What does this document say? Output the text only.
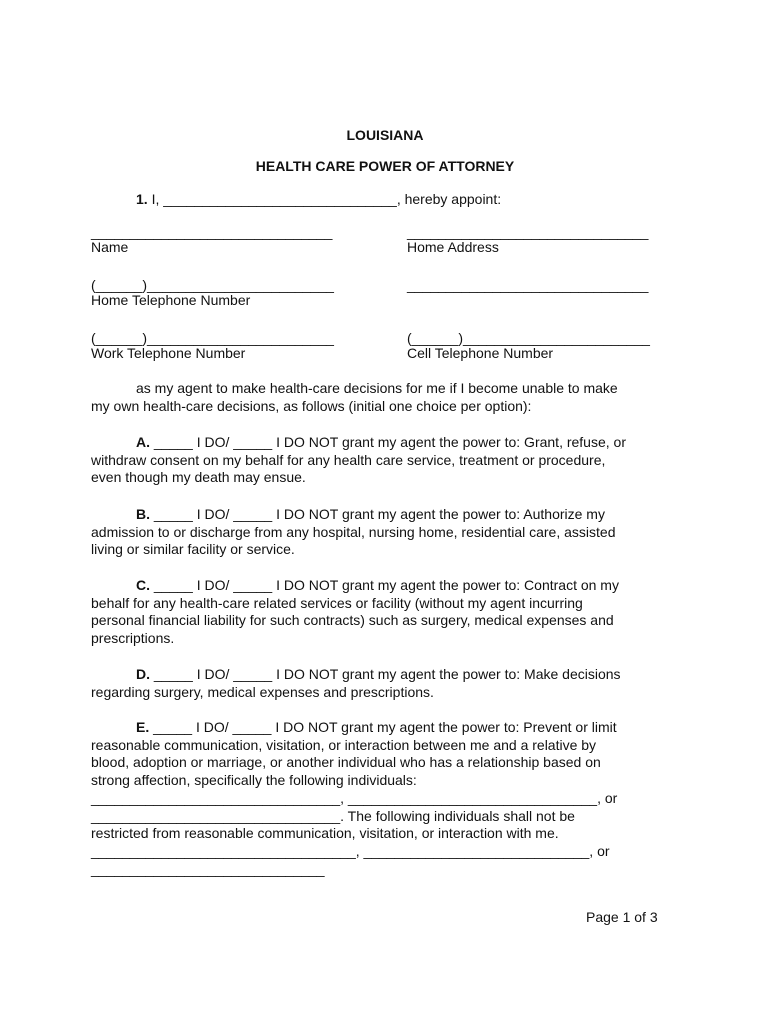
LOUISIANA
HEALTH CARE POWER OF ATTORNEY
1. I, ______________________________, hereby appoint:
_______________________________
Name
_______________________________
Home Address
(______)________________________
Home Telephone Number
_______________________________
(______)________________________
Work Telephone Number
(______)________________________
Cell Telephone Number

as my agent to make health-care decisions for me if I become unable to make

my own health-care decisions, as follows (initial one choice per option):

A. _____ I DO/ _____ I DO NOT grant my agent the power to: Grant, refuse, or

withdraw consent on my behalf for any health care service, treatment or procedure,

even though my death may ensue.

B. _____ I DO/ _____ I DO NOT grant my agent the power to: Authorize my

admission to or discharge from any hospital, nursing home, residential care, assisted

living or similar facility or service.

C. _____ I DO/ _____ I DO NOT grant my agent the power to: Contract on my

behalf for any health-care related services or facility (without my agent incurring

personal financial liability for such contracts) such as surgery, medical expenses and

prescriptions.

D. _____ I DO/ _____ I DO NOT grant my agent the power to: Make decisions

regarding surgery, medical expenses and prescriptions.

E. _____ I DO/ _____ I DO NOT grant my agent the power to: Prevent or limit

reasonable communication, visitation, or interaction between me and a relative by

blood, adoption or marriage, or another individual who has a relationship based on

strong affection, specifically the following individuals:

________________________________, ________________________________, or

________________________________. The following individuals shall not be

restricted from reasonable communication, visitation, or interaction with me.

__________________________________, _____________________________, or

______________________________

Page 1 of 3
